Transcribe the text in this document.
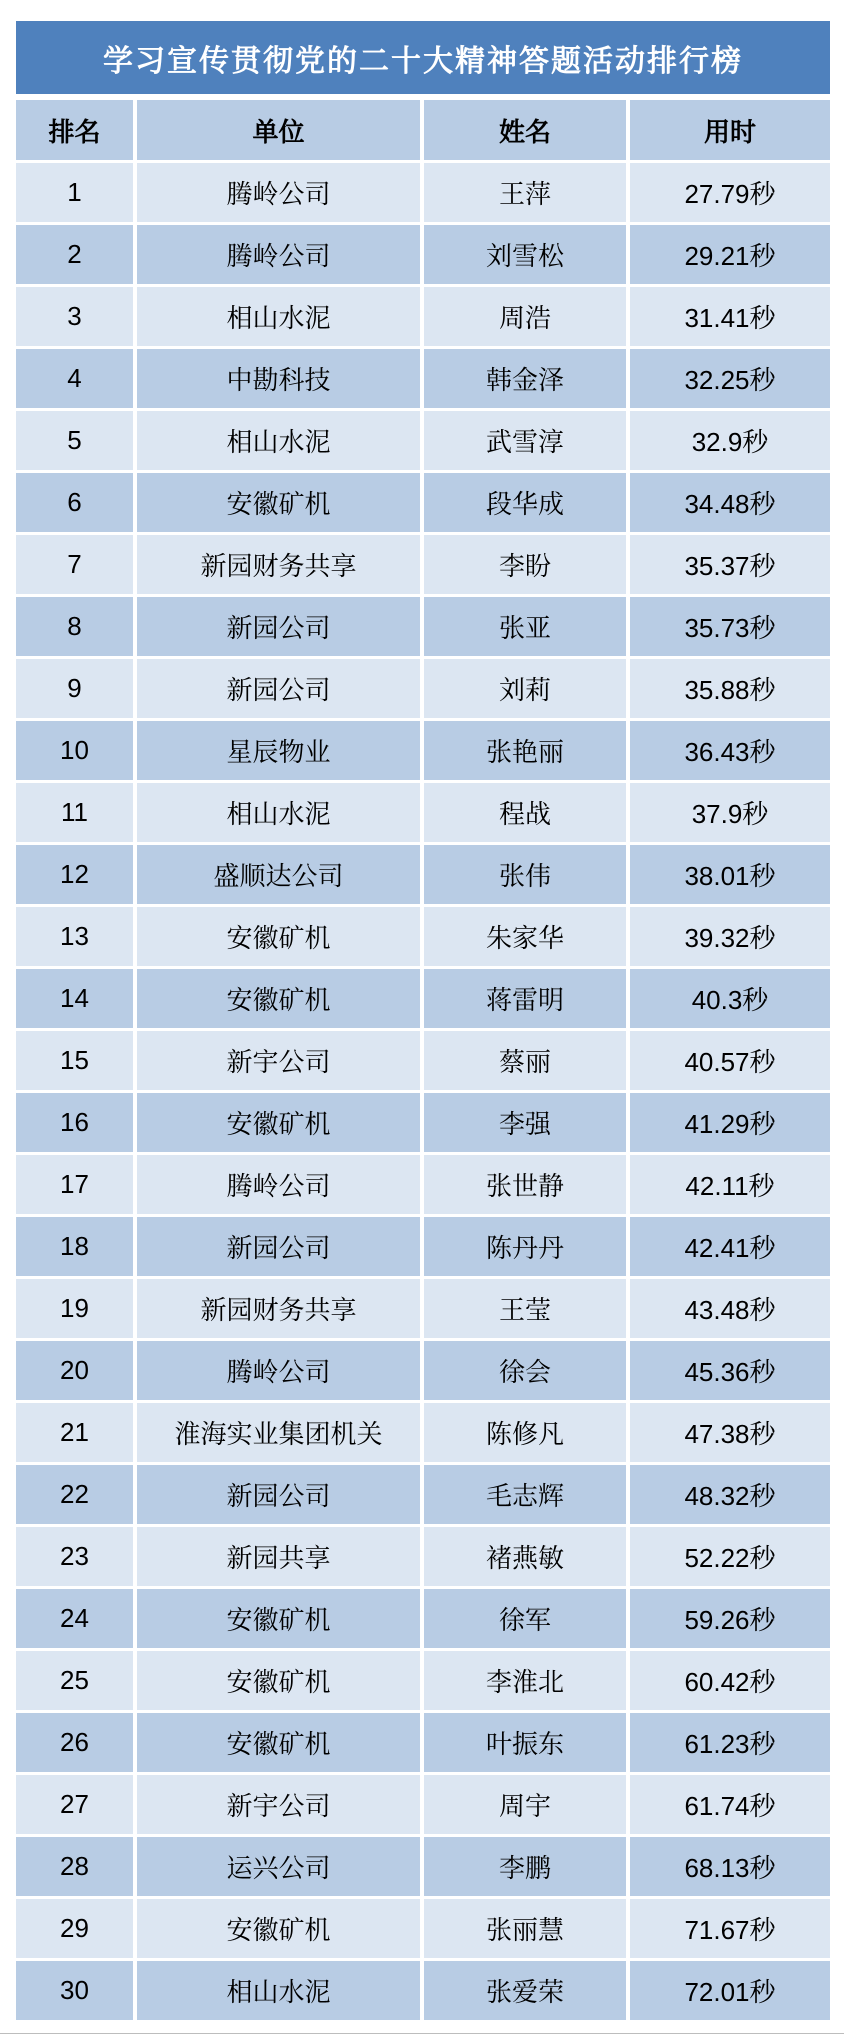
学习宣传贯彻党的二十大精神答题活动排行榜
排名	单位	姓名	用时
1	腾岭公司	王萍	27.79秒
2	腾岭公司	刘雪松	29.21秒
3	相山水泥	周浩	31.41秒
4	中勘科技	韩金泽	32.25秒
5	相山水泥	武雪淳	32.9秒
6	安徽矿机	段华成	34.48秒
7	新园财务共享	李盼	35.37秒
8	新园公司	张亚	35.73秒
9	新园公司	刘莉	35.88秒
10	星辰物业	张艳丽	36.43秒
11	相山水泥	程战	37.9秒
12	盛顺达公司	张伟	38.01秒
13	安徽矿机	朱家华	39.32秒
14	安徽矿机	蒋雷明	40.3秒
15	新宇公司	蔡丽	40.57秒
16	安徽矿机	李强	41.29秒
17	腾岭公司	张世静	42.11秒
18	新园公司	陈丹丹	42.41秒
19	新园财务共享	王莹	43.48秒
20	腾岭公司	徐会	45.36秒
21	淮海实业集团机关	陈修凡	47.38秒
22	新园公司	毛志辉	48.32秒
23	新园共享	褚燕敏	52.22秒
24	安徽矿机	徐军	59.26秒
25	安徽矿机	李淮北	60.42秒
26	安徽矿机	叶振东	61.23秒
27	新宇公司	周宇	61.74秒
28	运兴公司	李鹏	68.13秒
29	安徽矿机	张丽慧	71.67秒
30	相山水泥	张爱荣	72.01秒
